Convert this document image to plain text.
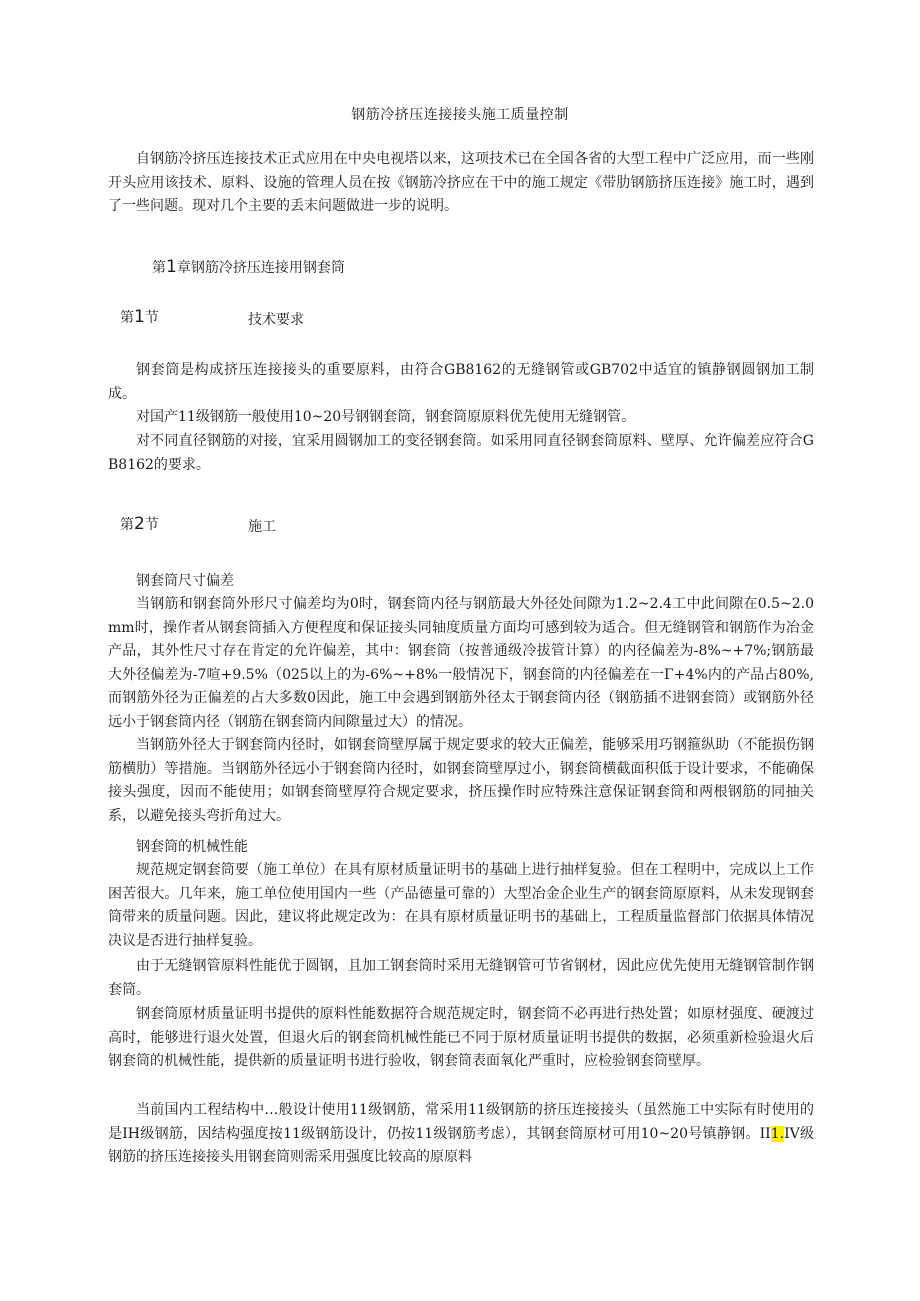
钢筋冷挤压连接接头施工质量控制

自钢筋冷挤压连接技术正式应用在中央电视塔以来，这项技术已在全国各省的大型工程中广泛应用，而一些刚开头应用该技术、原料、设施的管理人员在按《钢筋冷挤应在干中的施工规定《带肋钢筋挤压连接》施工时，遇到了一些问题。现对几个主要的丢末问题做进一步的说明。

第1章钢筋冷挤压连接用钢套筒
第1节	技术要求

钢套筒是构成挤压连接接头的重要原料，由符合GB8162的无缝钢管或GB702中适宜的镇静钢圆钢加工制成。

对国产11级钢筋一般使用10~20号钢钢套筒，钢套筒原原料优先使用无缝钢管。

对不同直径钢筋的对接，宜采用圆钢加工的变径钢套筒。如采用同直径钢套筒原料、壁厚、允许偏差应符合GB8162的要求。

第2节	施工
钢套筒尺寸偏差

当钢筋和钢套筒外形尺寸偏差均为0时，钢套筒内径与钢筋最大外径处间隙为1.2~2.4工中此间隙在0.5~2.0mm时，操作者从钢套筒插入方便程度和保证接头同轴度质量方面均可感到较为适合。但无缝钢管和钢筋作为冶金产品，其外性尺寸存在肯定的允许偏差，其中：钢套筒（按普通级冷拔管计算）的内径偏差为-8%~+7%;钢筋最大外径偏差为-7喧+9.5%（025以上的为-6%~+8%一般情况下，钢套筒的内径偏差在一Γ+4%内的产品占80%,而钢筋外径为正偏差的占大多数0因此，施工中会遇到钢筋外径太于钢套筒内径（钢筋插不进钢套筒）或钢筋外径远小于钢套筒内径（钢筋在钢套筒内间隙量过大）的情况。

当钢筋外径大于钢套筒内径时，如钢套筒壁厚属于规定要求的较大正偏差，能够采用巧钢箍纵助（不能损伤钢筋横肋）等措施。当钢筋外径远小于钢套筒内径时，如钢套筒壁厚过小，钢套筒横截面积低于设计要求，不能确保接头强度，因而不能使用；如钢套筒壁厚符合规定要求，挤压操作时应特殊注意保证钢套筒和两根钢筋的同抽关系，以避免接头弯折角过大。

钢套筒的机械性能

规范规定钢套筒要（施工单位）在具有原材质量证明书的基础上进行抽样复验。但在工程明中，完成以上工作困苦很大。几年来，施工单位使用国内一些（产品德量可靠的）大型冶金企业生产的钢套筒原原料，从未发现钢套筒带来的质量问题。因此，建议将此规定改为：在具有原材质量证明书的基础上，工程质量监督部门依据具体情况决议是否进行抽样复验。

由于无缝钢管原料性能优于圆钢，且加工钢套筒时采用无缝钢管可节省钢材，因此应优先使用无缝钢管制作钢套筒。

钢套筒原材质量证明书提供的原料性能数据符合规范规定时，钢套筒不必再进行热处置；如原材强度、硬渡过高时，能够进行退火处置，但退火后的钢套筒机械性能已不同于原材质量证明书提供的数据，必须重新检验退火后钢套筒的机械性能，提供新的质量证明书进行验收，钢套筒表面氧化严重时，应检验钢套筒壁厚。

当前国内工程结构中…般设计使用11级钢筋，常采用11级钢筋的挤压连接接头（虽然施工中实际有时使用的是IH级钢筋，因结构强度按11级钢筋设计，仍按11级钢筋考虑），其钢套筒原材可用10~20号镇静钢。II1.IV级钢筋的挤压连接接头用钢套筒则需采用强度比较高的原原料
